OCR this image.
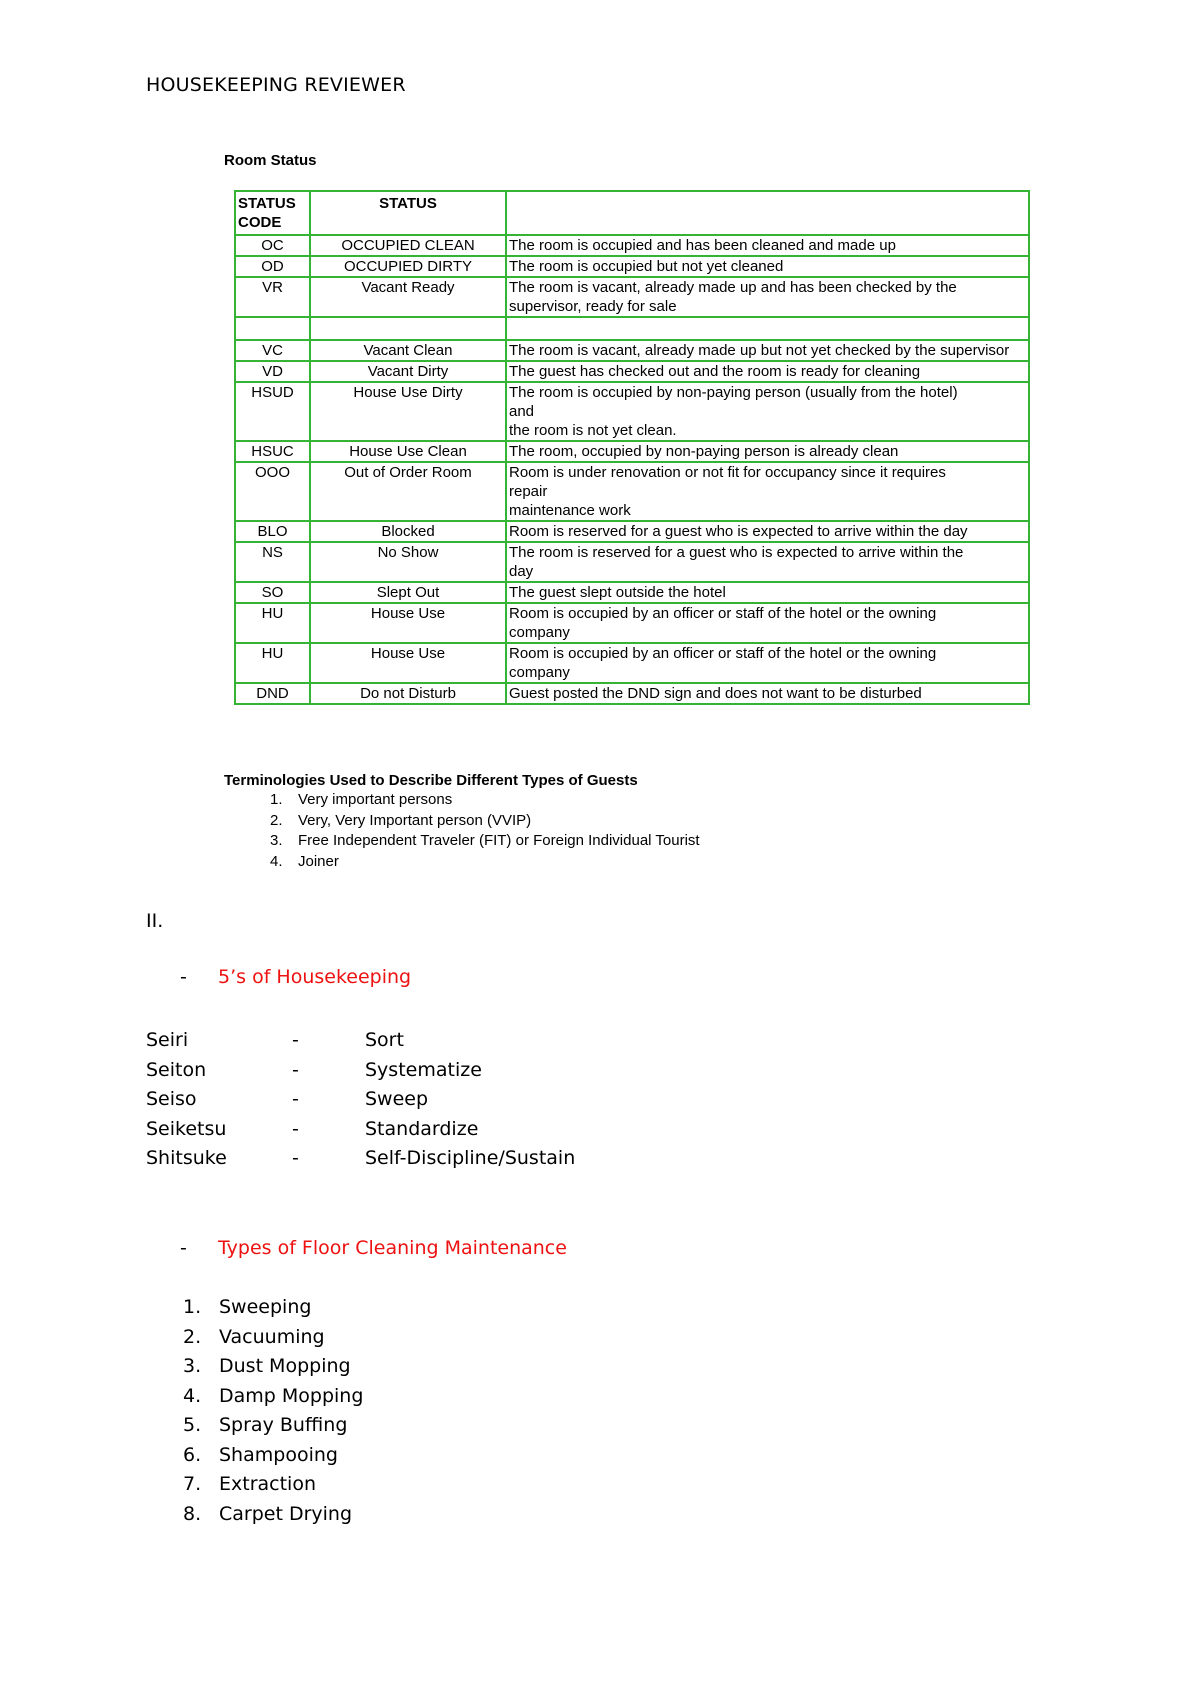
HOUSEKEEPING REVIEWER
Room Status
STATUS CODE	STATUS	
OC	OCCUPIED CLEAN	The room is occupied and has been cleaned and made up
OD	OCCUPIED DIRTY	The room is occupied but not yet cleaned
VR	Vacant Ready	The room is vacant, already made up and has been checked by the supervisor, ready for sale

VC	Vacant Clean	The room is vacant, already made up but not yet checked by the supervisor
VD	Vacant Dirty	The guest has checked out and the room is ready for cleaning
HSUD	House Use Dirty	The room is occupied by non-paying person (usually from the hotel)
and
the room is not yet clean.
HSUC	House Use Clean	The room, occupied by non-paying person is already clean
OOO	Out of Order Room	Room is under renovation or not fit for occupancy since it requires
repair
maintenance work
BLO	Blocked	Room is reserved for a guest who is expected to arrive within the day
NS	No Show	The room is reserved for a guest who is expected to arrive within the
day
SO	Slept Out	The guest slept outside the hotel
HU	House Use	Room is occupied by an officer or staff of the hotel or the owning
company
HU	House Use	Room is occupied by an officer or staff of the hotel or the owning
company
DND	Do not Disturb	Guest posted the DND sign and does not want to be disturbed
Terminologies Used to Describe Different Types of Guests
1. Very important persons
2. Very, Very Important person (VVIP)
3. Free Independent Traveler (FIT) or Foreign Individual Tourist
4. Joiner
II.
- 5’s of Housekeeping
Seiri	-	Sort
Seiton	-	Systematize
Seiso	-	Sweep
Seiketsu	-	Standardize
Shitsuke	-	Self-Discipline/Sustain
- Types of Floor Cleaning Maintenance
1. Sweeping
2. Vacuuming
3. Dust Mopping
4. Damp Mopping
5. Spray Buffing
6. Shampooing
7. Extraction
8. Carpet Drying
